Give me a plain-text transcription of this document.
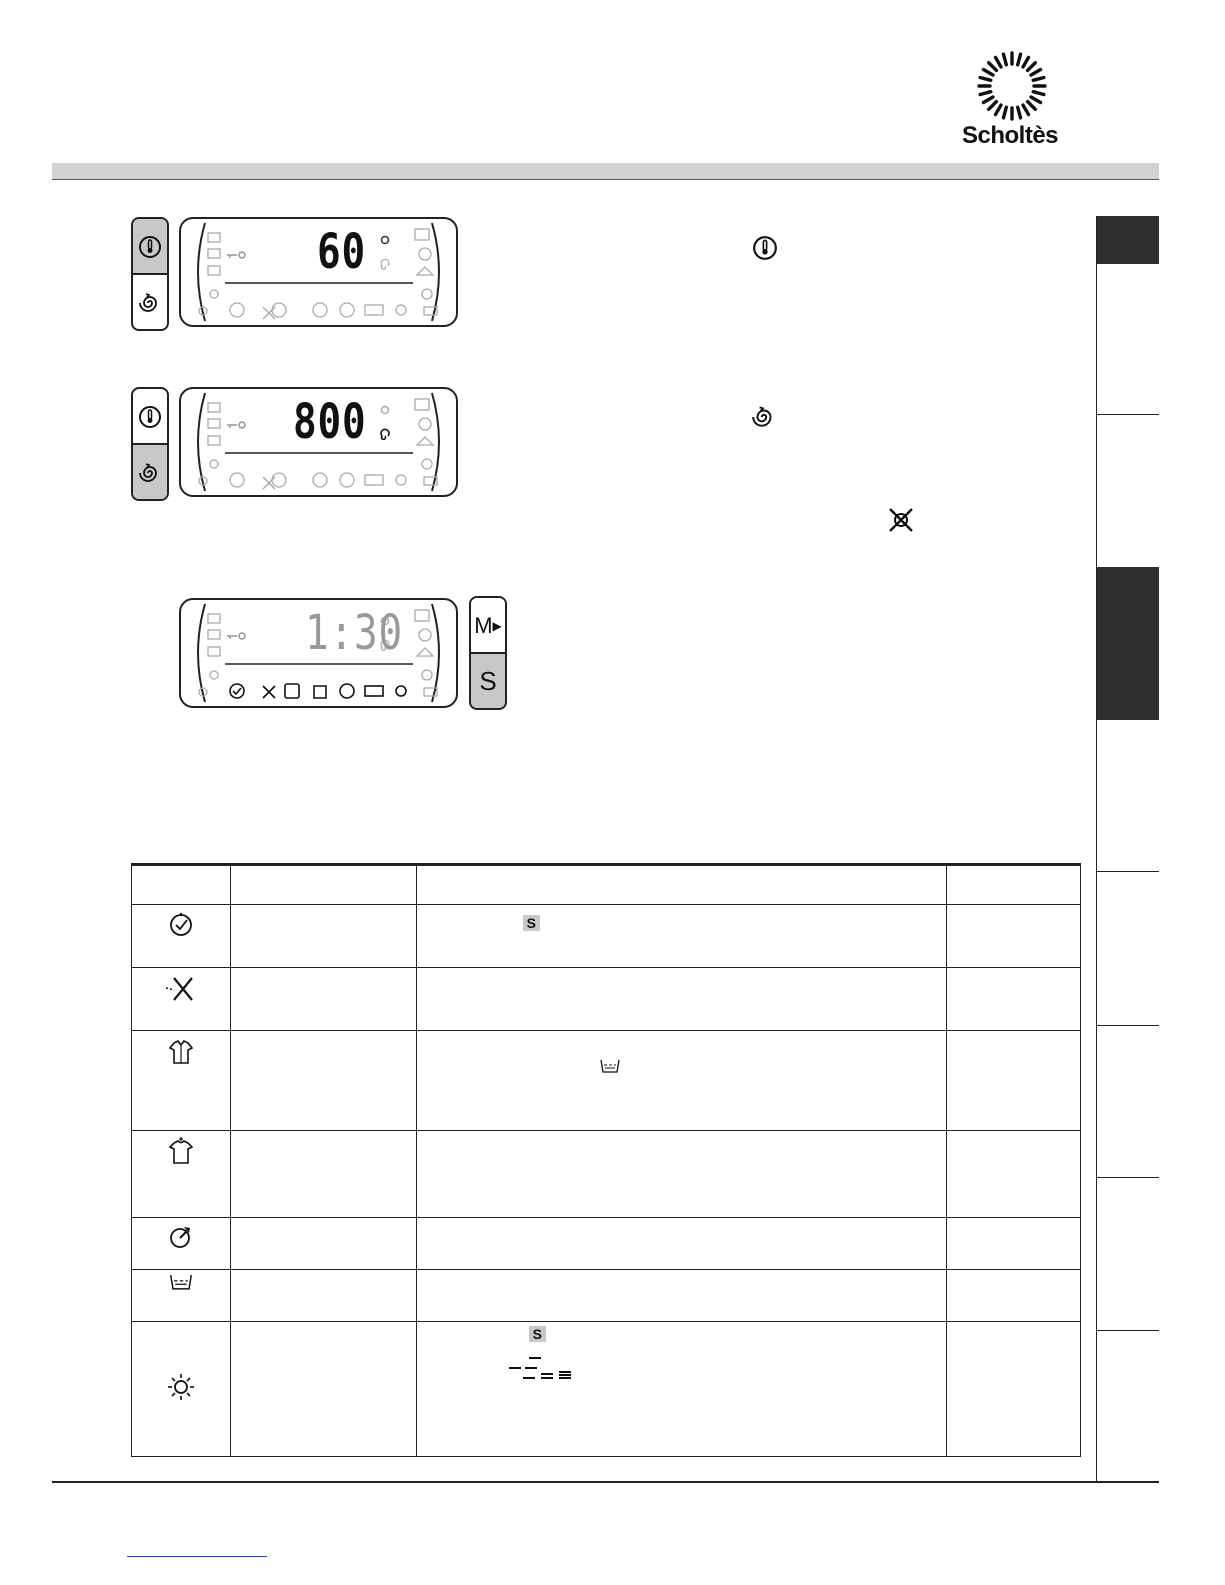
Scholtès
60
800
1:30	M ▶
S

		S	

		S
